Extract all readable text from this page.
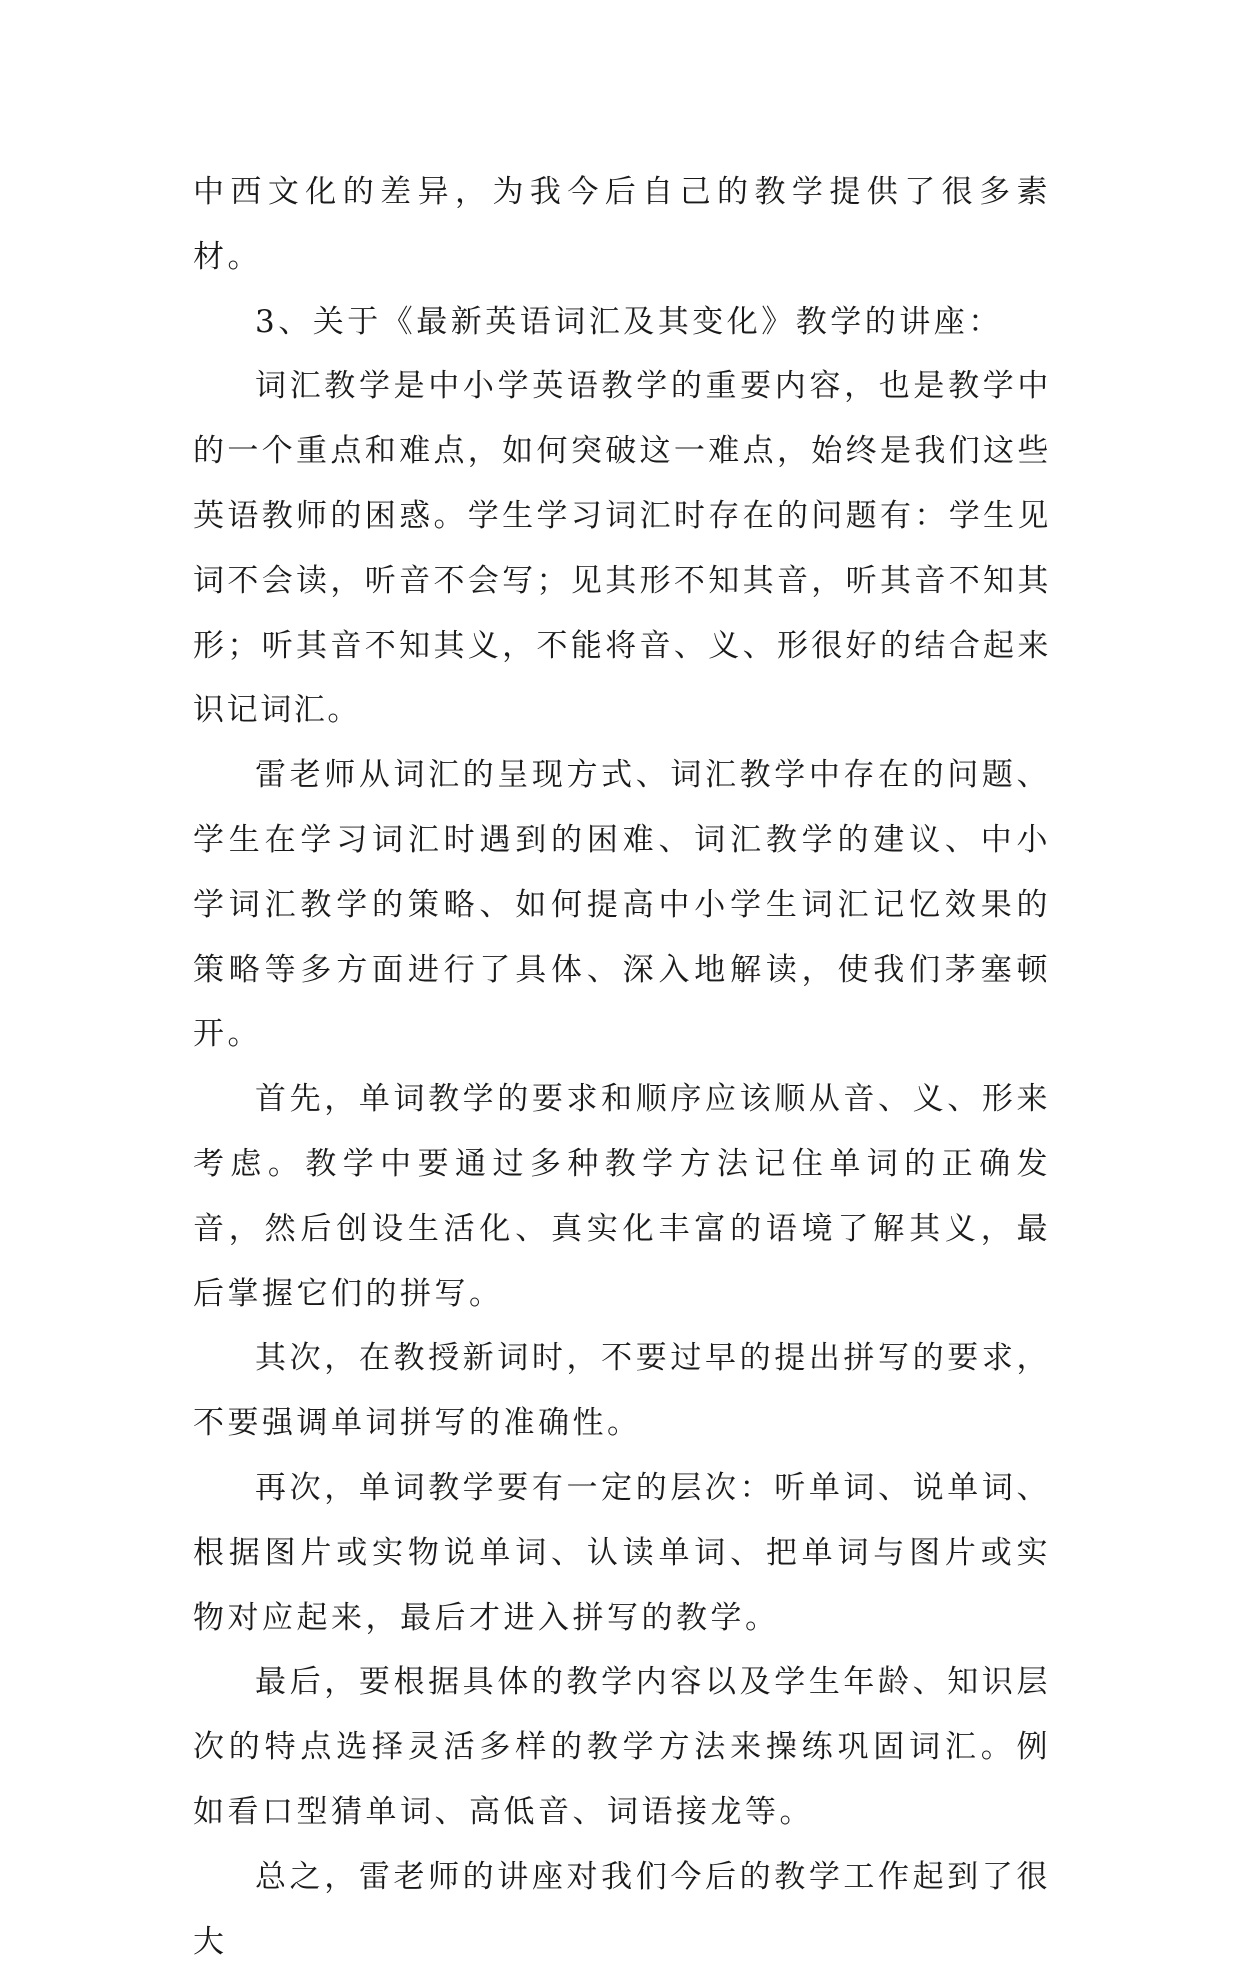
中西文化的差异，为我今后自己的教学提供了很多素材。

3、关于《最新英语词汇及其变化》教学的讲座：

词汇教学是中小学英语教学的重要内容，也是教学中的一个重点和难点，如何突破这一难点，始终是我们这些英语教师的困惑。学生学习词汇时存在的问题有：学生见词不会读，听音不会写；见其形不知其音，听其音不知其形；听其音不知其义，不能将音、义、形很好的结合起来识记词汇。

雷老师从词汇的呈现方式、词汇教学中存在的问题、学生在学习词汇时遇到的困难、词汇教学的建议、中小学词汇教学的策略、如何提高中小学生词汇记忆效果的策略等多方面进行了具体、深入地解读，使我们茅塞顿开。

首先，单词教学的要求和顺序应该顺从音、义、形来考虑。教学中要通过多种教学方法记住单词的正确发音，然后创设生活化、真实化丰富的语境了解其义，最后掌握它们的拼写。

其次，在教授新词时，不要过早的提出拼写的要求，不要强调单词拼写的准确性。

再次，单词教学要有一定的层次：听单词、说单词、根据图片或实物说单词、认读单词、把单词与图片或实物对应起来，最后才进入拼写的教学。

最后，要根据具体的教学内容以及学生年龄、知识层次的特点选择灵活多样的教学方法来操练巩固词汇。例如看口型猜单词、高低音、词语接龙等。

总之，雷老师的讲座对我们今后的教学工作起到了很大
